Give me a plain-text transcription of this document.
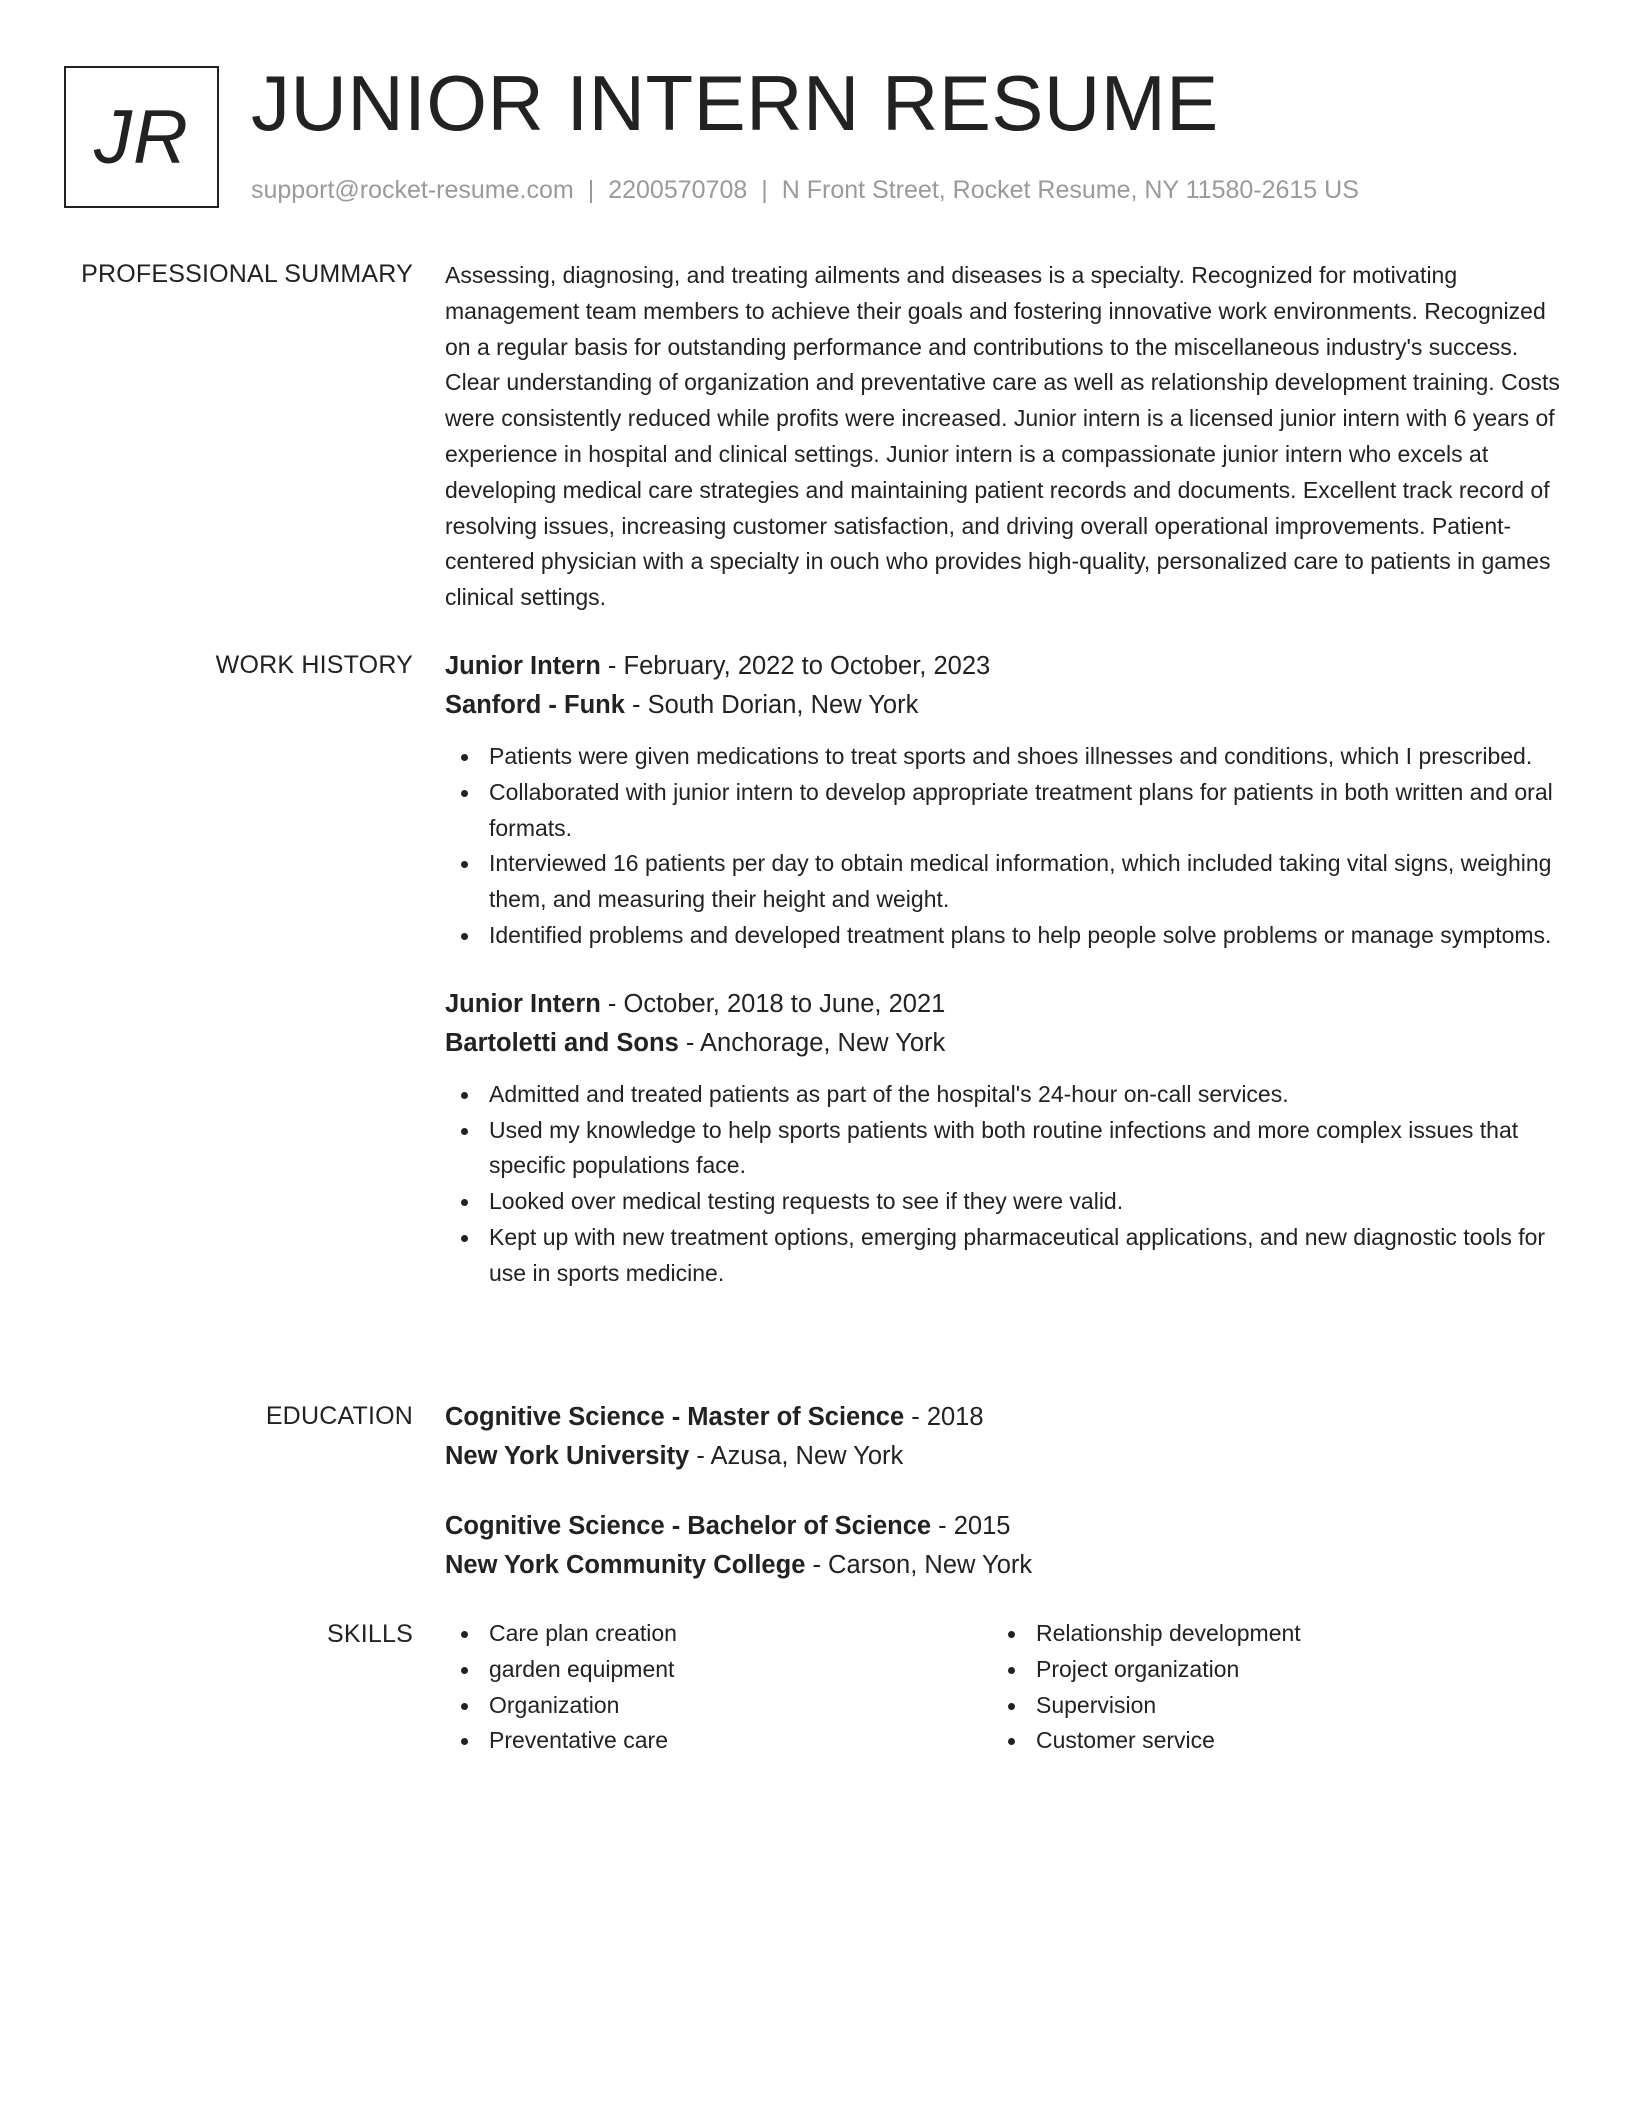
JR JUNIOR INTERN RESUME
support@rocket-resume.com | 2200570708 | N Front Street, Rocket Resume, NY 11580-2615 US
PROFESSIONAL SUMMARY Assessing, diagnosing, and treating ailments and diseases is a specialty. Recognized for motivating management team members to achieve their goals and fostering innovative work environments. Recognized on a regular basis for outstanding performance and contributions to the miscellaneous industry's success. Clear understanding of organization and preventative care as well as relationship development training. Costs were consistently reduced while profits were increased. Junior intern is a licensed junior intern with 6 years of experience in hospital and clinical settings. Junior intern is a compassionate junior intern who excels at developing medical care strategies and maintaining patient records and documents. Excellent track record of resolving issues, increasing customer satisfaction, and driving overall operational improvements. Patient-centered physician with a specialty in ouch who provides high-quality, personalized care to patients in games clinical settings.

WORK HISTORY Junior Intern - February, 2022 to October, 2023
Sanford - Funk - South Dorian, New York
Patients were given medications to treat sports and shoes illnesses and conditions, which I prescribed.
Collaborated with junior intern to develop appropriate treatment plans for patients in both written and oral formats.
Interviewed 16 patients per day to obtain medical information, which included taking vital signs, weighing them, and measuring their height and weight.
Identified problems and developed treatment plans to help people solve problems or manage symptoms.
Junior Intern - October, 2018 to June, 2021
Bartoletti and Sons - Anchorage, New York
Admitted and treated patients as part of the hospital's 24-hour on-call services.
Used my knowledge to help sports patients with both routine infections and more complex issues that specific populations face.
Looked over medical testing requests to see if they were valid.
Kept up with new treatment options, emerging pharmaceutical applications, and new diagnostic tools for use in sports medicine.
EDUCATION Cognitive Science - Master of Science - 2018
New York University - Azusa, New York
Cognitive Science - Bachelor of Science - 2015
New York Community College - Carson, New York
SKILLS	Care plan creation
garden equipment
Organization
Preventative care
Relationship development
Project organization
Supervision
Customer service
